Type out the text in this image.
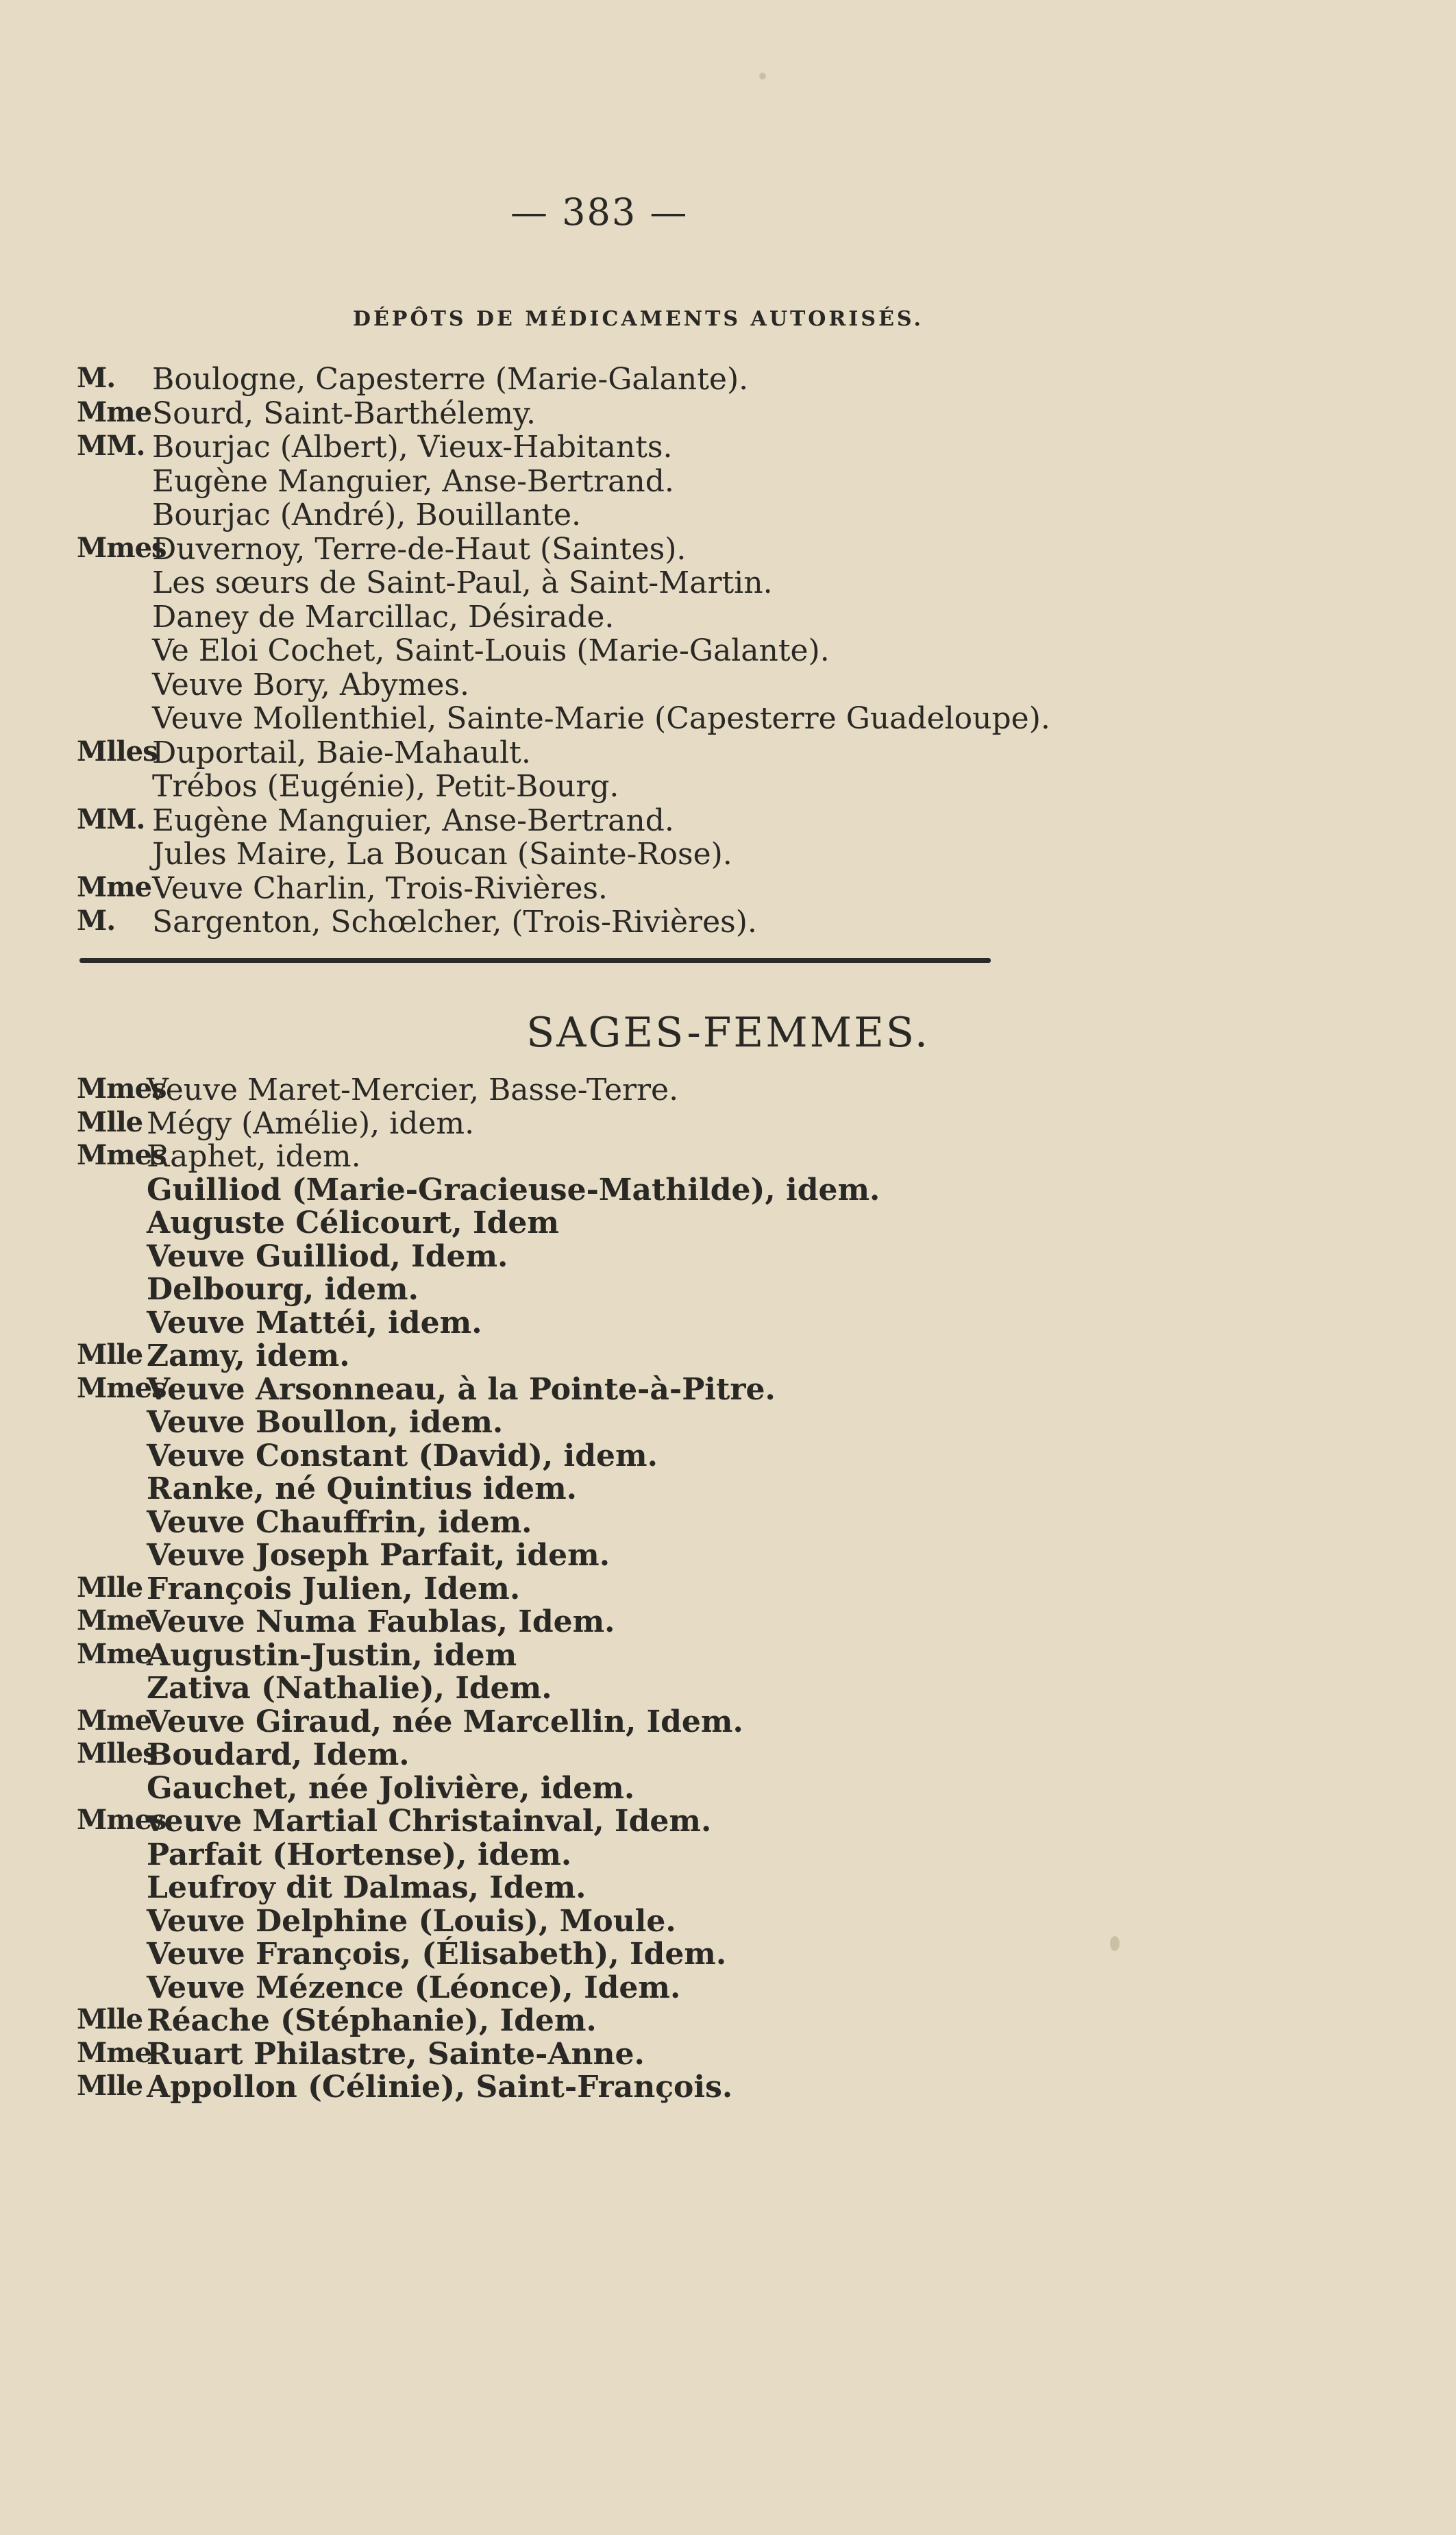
— 383 —
DÉPÔTS DE MÉDICAMENTS AUTORISÉS.
M. Boulogne, Capesterre (Marie-Galante).
Mme Sourd, Saint-Barthélemy.
MM. Bourjac (Albert), Vieux-Habitants.
Eugène Manguier, Anse-Bertrand.
Bourjac (André), Bouillante.
Mmes
Duvernoy, Terre-de-Haut (Saintes).
Les sœurs de Saint-Paul, à Saint-Martin.
Daney de Marcillac, Désirade.
Ve Eloi Cochet, Saint-Louis (Marie-Galante).
Veuve Bory, Abymes.
Veuve Mollenthiel, Sainte-Marie (Capesterre Guadeloupe).
Mlles
Duportail, Baie-Mahault.
Trébos (Eugénie), Petit-Bourg.
MM. Eugène Manguier, Anse-Bertrand.
Jules Maire, La Boucan (Sainte-Rose).
Mme Veuve Charlin, Trois-Rivières.
M. Sargenton, Schœlcher, (Trois-Rivières).
SAGES-FEMMES.
Mmes
Veuve Maret-Mercier, Basse-Terre.
Mlle Mégy (Amélie), idem.
Mmes
Raphet, idem.
Guilliod (Marie-Gracieuse-Mathilde), idem.
Auguste Célicourt, Idem
Veuve Guilliod, Idem.
Delbourg, idem.
Veuve Mattéi, idem.
Mlle Zamy, idem.
Mmes
Veuve Arsonneau, à la Pointe-à-Pitre.
Veuve Boullon, idem.
Veuve Constant (David), idem.
Ranke, né Quintius idem.
Veuve Chauffrin, idem.
Veuve Joseph Parfait, idem.
Mlle François Julien, Idem.
Mme
Veuve Numa Faublas, Idem.
Mme
Augustin-Justin, idem
Zativa (Nathalie), Idem.
Mme
Veuve Giraud, née Marcellin, Idem.
Mlles
Boudard, Idem.
Gauchet, née Jolivière, idem.
Mmes
veuve Martial Christainval, Idem.
Parfait (Hortense), idem.
Leufroy dit Dalmas, Idem.
Veuve Delphine (Louis), Moule.
Veuve François, (Élisabeth), Idem.
Veuve Mézence (Léonce), Idem.
Mlle Réache (Stéphanie), Idem.
Mme
Ruart Philastre, Sainte-Anne.
Mlle Appollon (Célinie), Saint-François.
